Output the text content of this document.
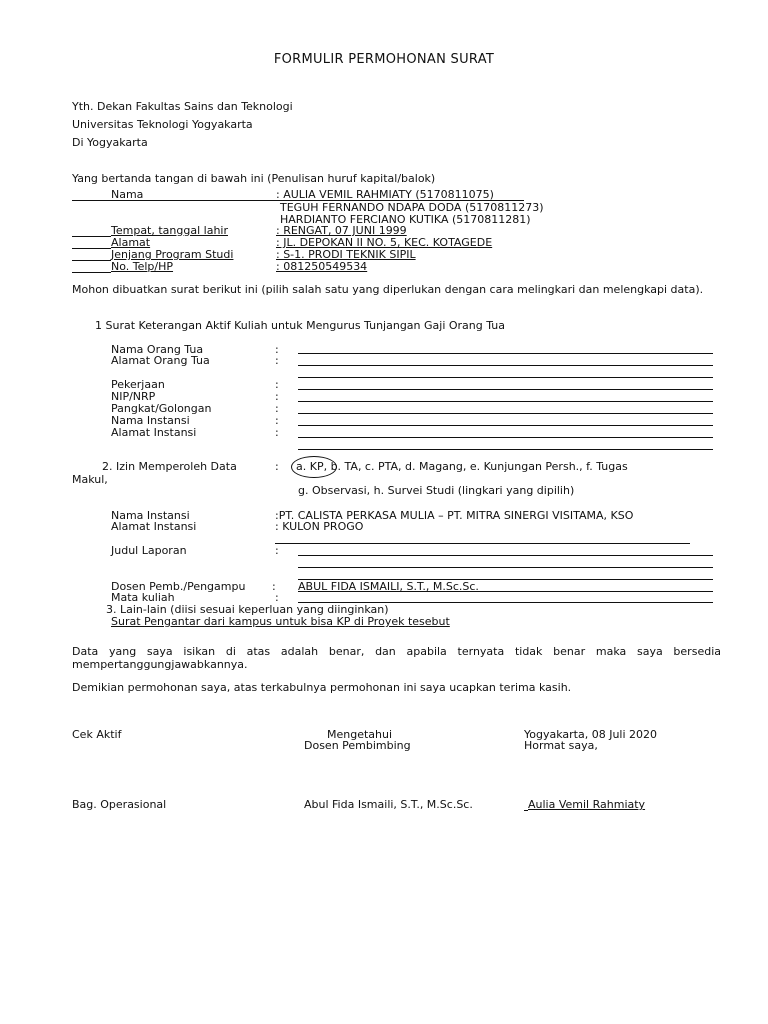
FORMULIR PERMOHONAN SURAT
Yth. Dekan Fakultas Sains dan Teknologi
Universitas Teknologi Yogyakarta
Di Yogyakarta
Yang bertanda tangan di bawah ini (Penulisan huruf kapital/balok)
Nama	: AULIA VEMIL RAHMIATY (5170811075)
TEGUH FERNANDO NDAPA DODA (5170811273)
HARDIANTO FERCIANO KUTIKA (5170811281)
Tempat, tanggal lahir	: RENGAT, 07 JUNI 1999
Alamat	: JL. DEPOKAN II NO. 5, KEC. KOTAGEDE
Jenjang Program Studi	: S-1. PRODI TEKNIK SIPIL
No. Telp/HP	: 081250549534
Mohon dibuatkan surat berikut ini (pilih salah satu yang diperlukan dengan cara melingkari dan melengkapi data).
1 Surat Keterangan Aktif Kuliah untuk Mengurus Tunjangan Gaji Orang Tua
Nama Orang Tua	:
Alamat Orang Tua	:
Pekerjaan	:
NIP/NRP	:
Pangkat/Golongan	:
Nama Instansi	:
Alamat Instansi	:
2. Izin Memperoleh Data	: a. KP, b. TA, c. PTA, d. Magang, e. Kunjungan Persh., f. Tugas
Makul,
g. Observasi, h. Survei Studi (lingkari yang dipilih)
Nama Instansi	:PT. CALISTA PERKASA MULIA – PT. MITRA SINERGI VISITAMA, KSO
Alamat Instansi	: KULON PROGO
Judul Laporan	:
Dosen Pemb./Pengampu : ABUL FIDA ISMAILI, S.T., M.Sc.Sc.
Mata kuliah	:
3. Lain-lain (diisi sesuai keperluan yang diinginkan)
Surat Pengantar dari kampus untuk bisa KP di Proyek tesebut
Data yang saya isikan di atas adalah benar, dan apabila ternyata tidak benar maka saya bersedia mempertanggungjawabkannya.
Demikian permohonan saya, atas terkabulnya permohonan ini saya ucapkan terima kasih.
Cek Aktif	Mengetahui
Dosen Pembimbing
Yogyakarta, 08 Juli 2020
Hormat saya,
Bag. Operasional	Abul Fida Ismaili, S.T., M.Sc.Sc.	Aulia Vemil Rahmiaty
